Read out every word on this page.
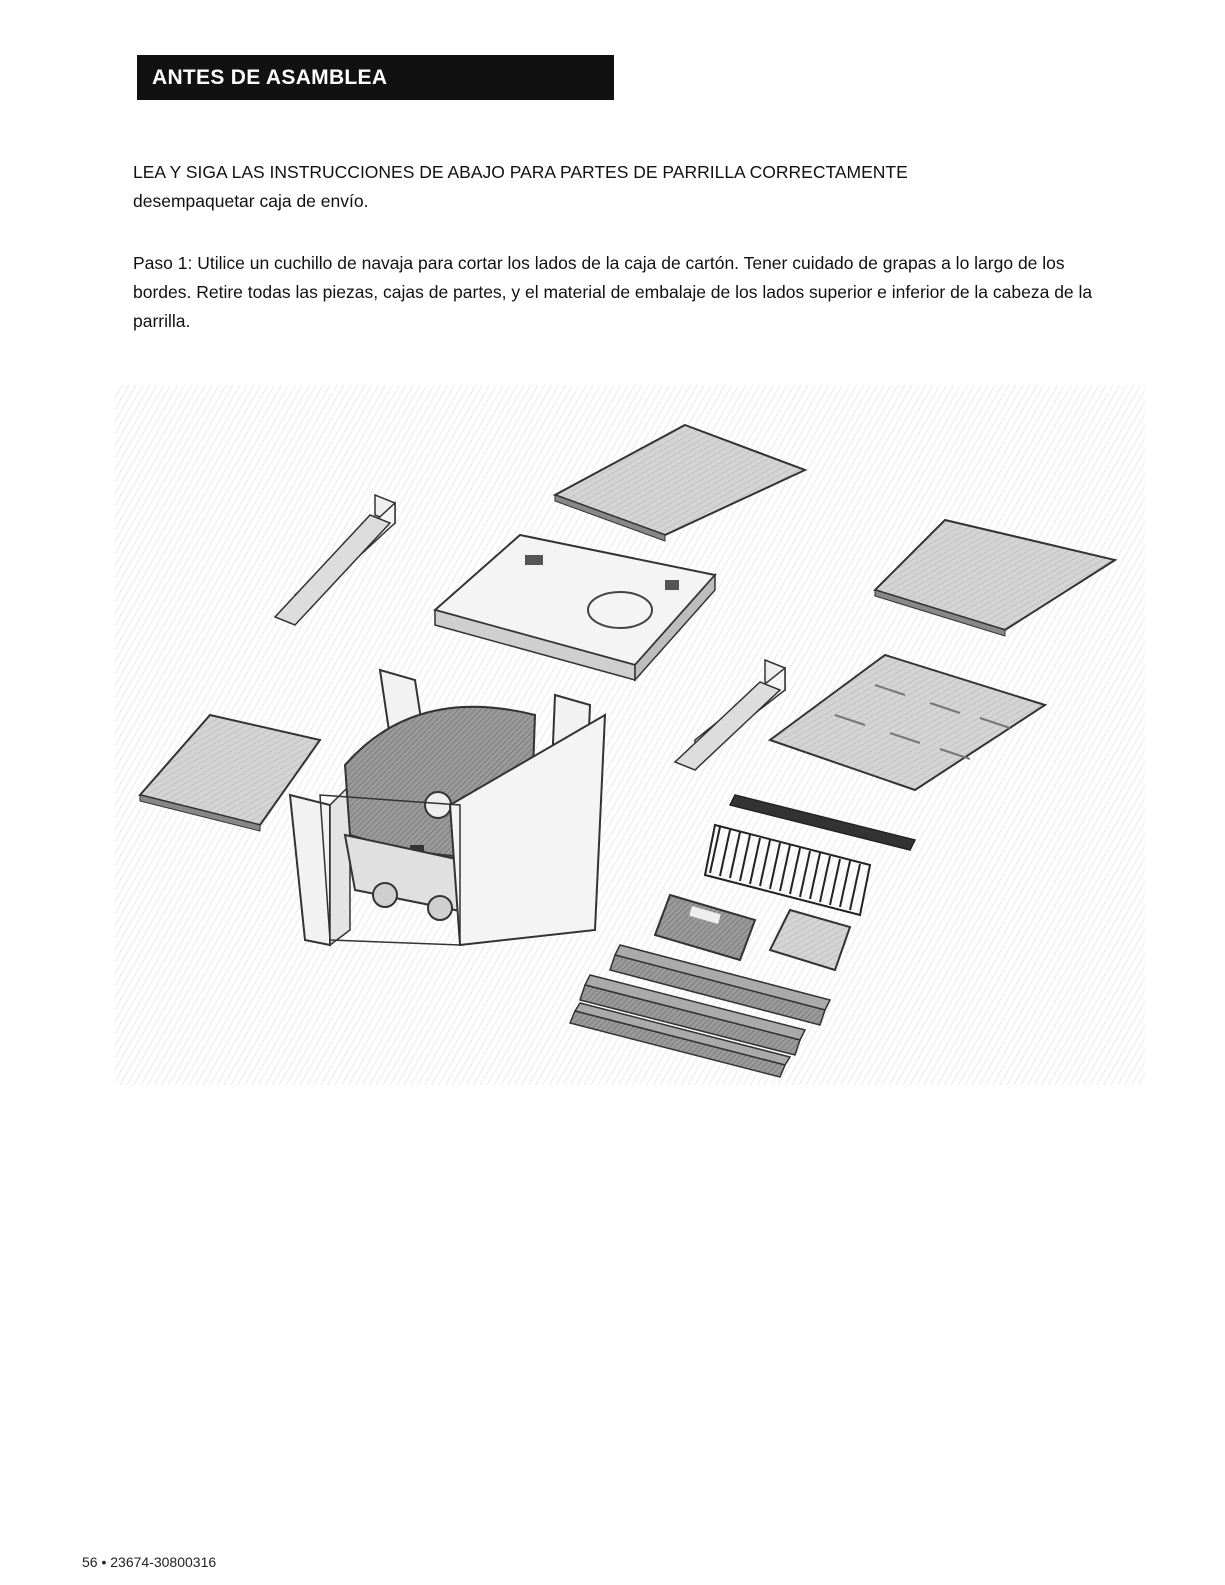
ANTES DE ASAMBLEA
LEA Y SIGA LAS INSTRUCCIONES DE ABAJO PARA PARTES DE PARRILLA CORRECTAMENTE
desempaquetar caja de envío.
Paso 1: Utilice un cuchillo de navaja para cortar los lados de la caja de cartón. Tener cuidado de grapas a lo largo de los bordes. Retire todas las piezas, cajas de partes, y el material de embalaje de los lados superior e inferior de la cabeza de la parrilla.
56 • 23674-30800316
